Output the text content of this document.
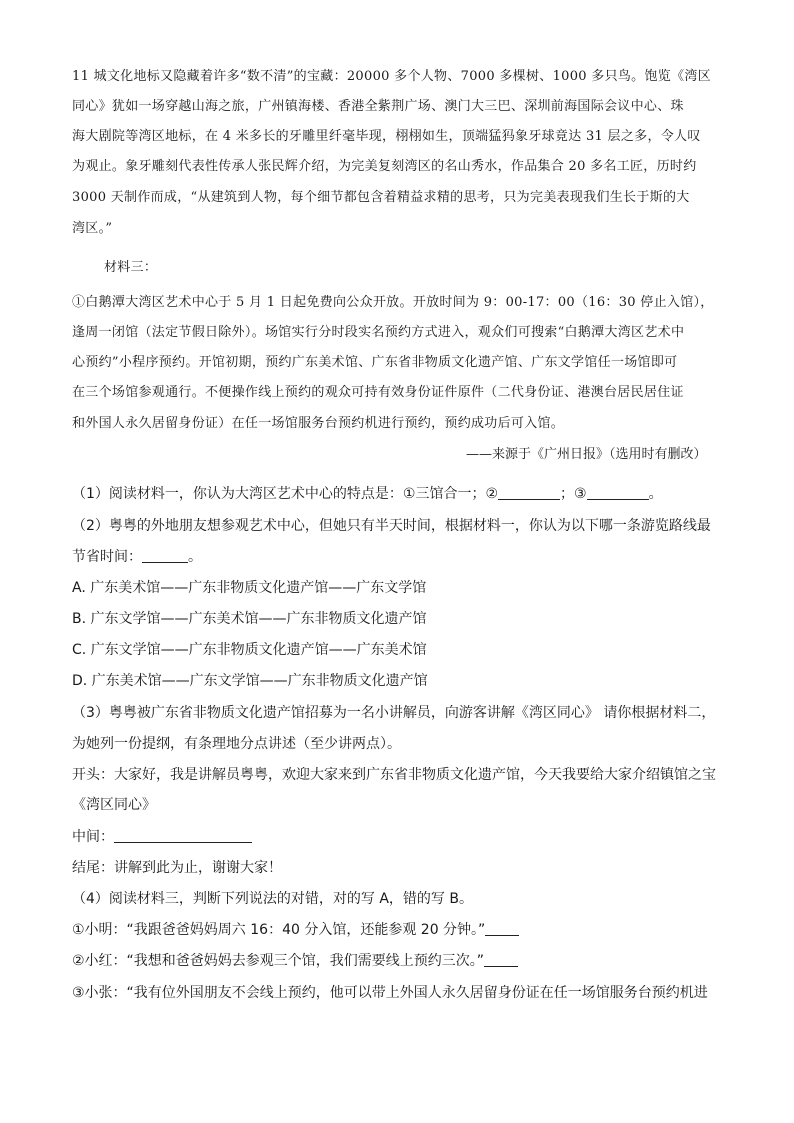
11 城文化地标又隐藏着许多“数不清”的宝藏：20000 多个人物、7000 多棵树、1000 多只鸟。饱览《湾区
同心》犹如一场穿越山海之旅，广州镇海楼、香港全紫荆广场、澳门大三巴、深圳前海国际会议中心、珠
海大剧院等湾区地标，在 4 米多长的牙雕里纤毫毕现，栩栩如生，顶端猛犸象牙球竟达 31 层之多，令人叹
为观止。象牙雕刻代表性传承人张民辉介绍，为完美复刻湾区的名山秀水，作品集合 20 多名工匠，历时约
3000 天制作而成，“从建筑到人物，每个细节都包含着精益求精的思考，只为完美表现我们生长于斯的大
湾区。”
材料三：
①白鹅潭大湾区艺术中心于 5 月 1 日起免费向公众开放。开放时间为 9：00-17：00（16：30 停止入馆），
逢周一闭馆（法定节假日除外）。场馆实行分时段实名预约方式进入，观众们可搜索“白鹅潭大湾区艺术中
心预约”小程序预约。开馆初期，预约广东美术馆、广东省非物质文化遗产馆、广东文学馆任一场馆即可
在三个场馆参观通行。不便操作线上预约的观众可持有效身份证件原件（二代身份证、港澳台居民居住证
和外国人永久居留身份证）在任一场馆服务台预约机进行预约，预约成功后可入馆。
——来源于《广州日报》（选用时有删改）
（1）阅读材料一，你认为大湾区艺术中心的特点是：①三馆合一；②	；③	。
（2）粤粤的外地朋友想参观艺术中心，但她只有半天时间，根据材料一，你认为以下哪一条游览路线最
节省时间：	。
A. 广东美术馆——广东非物质文化遗产馆——广东文学馆
B. 广东文学馆——广东美术馆——广东非物质文化遗产馆
C. 广东文学馆——广东非物质文化遗产馆——广东美术馆
D. 广东美术馆——广东文学馆——广东非物质文化遗产馆
（3）粤粤被广东省非物质文化遗产馆招募为一名小讲解员，向游客讲解《湾区同心》 请你根据材料二，
为她列一份提纲，有条理地分点讲述（至少讲两点）。
开头：大家好，我是讲解员粤粤，欢迎大家来到广东省非物质文化遗产馆，今天我要给大家介绍镇馆之宝
《湾区同心》
中间：
结尾：讲解到此为止，谢谢大家！
（4）阅读材料三，判断下列说法的对错，对的写 A，错的写 B。
①小明：“我跟爸爸妈妈周六 16：40 分入馆，还能参观 20 分钟。”
②小红：“我想和爸爸妈妈去参观三个馆，我们需要线上预约三次。”
③小张：“我有位外国朋友不会线上预约，他可以带上外国人永久居留身份证在任一场馆服务台预约机进
